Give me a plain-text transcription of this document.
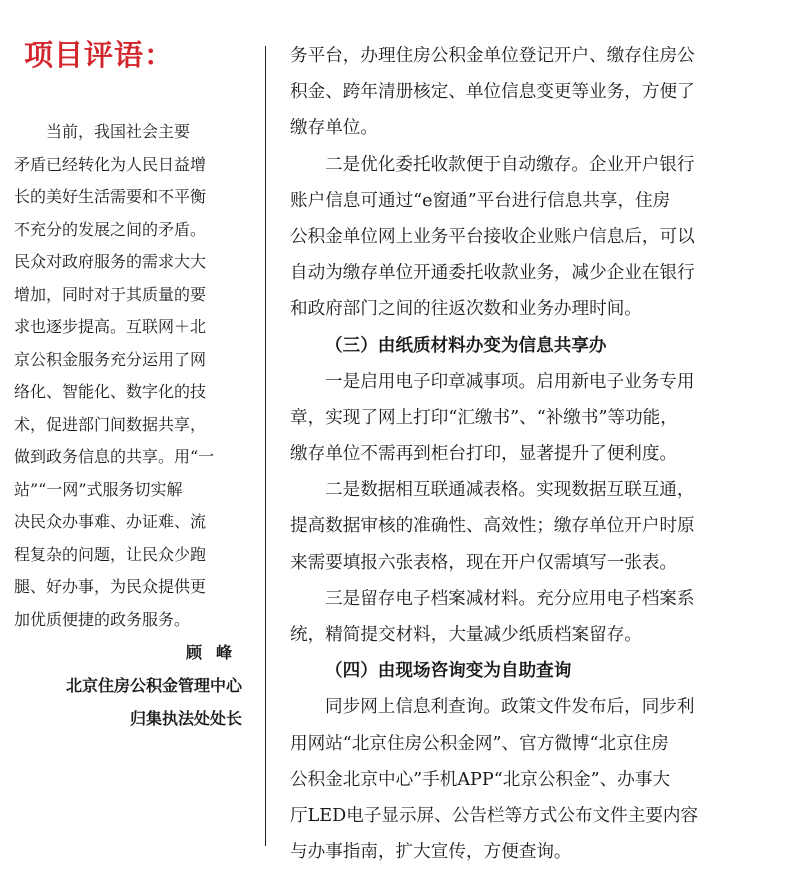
项目评语：
当前，我国社会主要
矛盾已经转化为人民日益增
长的美好生活需要和不平衡
不充分的发展之间的矛盾。
民众对政府服务的需求大大
增加，同时对于其质量的要
求也逐步提高。互联网＋北
京公积金服务充分运用了网
络化、智能化、数字化的技
术，促进部门间数据共享，
做到政务信息的共享。用“一
站”“一网”式服务切实解
决民众办事难、办证难、流
程复杂的问题，让民众少跑
腿、好办事，为民众提供更
加优质便捷的政务服务。
顾峰
北京住房公积金管理中心
归集执法处处长
务平台，办理住房公积金单位登记开户、缴存住房公
积金、跨年清册核定、单位信息变更等业务，方便了
缴存单位。
二是优化委托收款便于自动缴存。企业开户银行
账户信息可通过“e窗通”平台进行信息共享，住房
公积金单位网上业务平台接收企业账户信息后，可以
自动为缴存单位开通委托收款业务，减少企业在银行
和政府部门之间的往返次数和业务办理时间。
（三）由纸质材料办变为信息共享办
一是启用电子印章减事项。启用新电子业务专用
章，实现了网上打印“汇缴书”、“补缴书”等功能，
缴存单位不需再到柜台打印，显著提升了便利度。
二是数据相互联通减表格。实现数据互联互通，
提高数据审核的准确性、高效性；缴存单位开户时原
来需要填报六张表格，现在开户仅需填写一张表。
三是留存电子档案减材料。充分应用电子档案系
统，精简提交材料，大量减少纸质档案留存。
（四）由现场咨询变为自助查询
同步网上信息利查询。政策文件发布后，同步利
用网站“北京住房公积金网”、官方微博“北京住房
公积金北京中心”手机APP“北京公积金”、办事大
厅LED电子显示屏、公告栏等方式公布文件主要内容
与办事指南，扩大宣传，方便查询。
